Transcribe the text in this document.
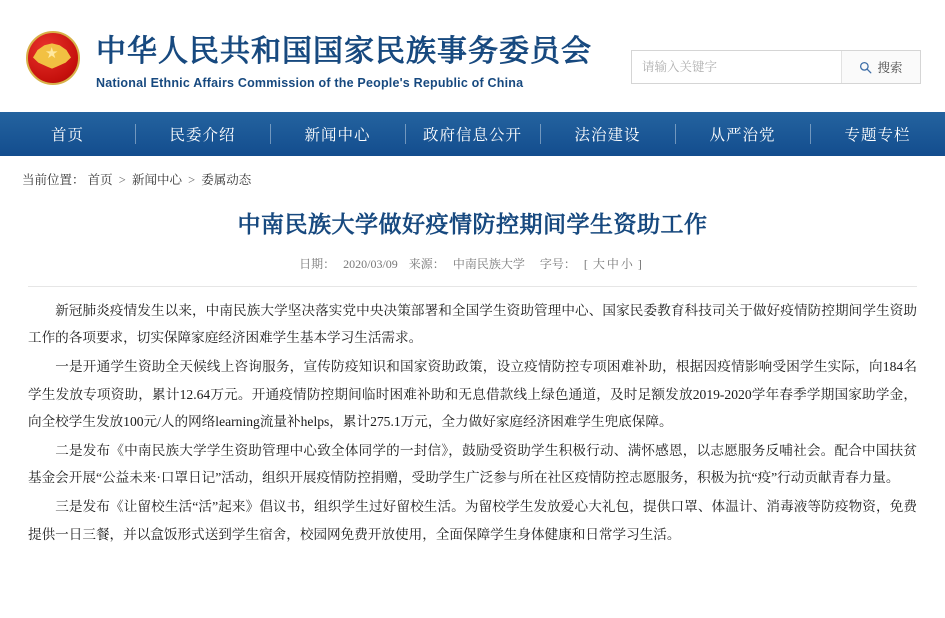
★ 中华人民共和国国家民族事务委员会
National Ethnic Affairs Commission of the People's Republic of China
请输入关键字
搜索
首页	民委介绍	新闻中心	政府信息公开	法治建设	从严治党	专题专栏
当前位置： 首页 > 新闻中心 > 委属动态
中南民族大学做好疫情防控期间学生资助工作
日期： 2020/03/09 来源： 中南民族大学 字号： [ 大 中 小 ]

新冠肺炎疫情发生以来，中南民族大学坚决落实党中央决策部署和全国学生资助管理中心、国家民委教育科技司关于做好疫情防控期间学生资助工作的各项要求，切实保障家庭经济困难学生基本学习生活需求。

一是开通学生资助全天候线上咨询服务，宣传防疫知识和国家资助政策，设立疫情防控专项困难补助，根据因疫情影响受困学生实际，向184名学生发放专项资助，累计12.64万元。开通疫情防控期间临时困难补助和无息借款线上绿色通道，及时足额发放2019-2020学年春季学期国家助学金，向全校学生发放100元/人的网络learning流量补helps，累计275.1万元，全力做好家庭经济困难学生兜底保障。

二是发布《中南民族大学学生资助管理中心致全体同学的一封信》，鼓励受资助学生积极行动、满怀感恩，以志愿服务反哺社会。配合中国扶贫基金会开展“公益未来·口罩日记”活动，组织开展疫情防控捐赠，受助学生广泛参与所在社区疫情防控志愿服务，积极为抗“疫”行动贡献青春力量。

三是发布《让留校生活“活”起来》倡议书，组织学生过好留校生活。为留校学生发放爱心大礼包，提供口罩、体温计、消毒液等防疫物资，免费提供一日三餐，并以盒饭形式送到学生宿舍，校园网免费开放使用，全面保障学生身体健康和日常学习生活。
